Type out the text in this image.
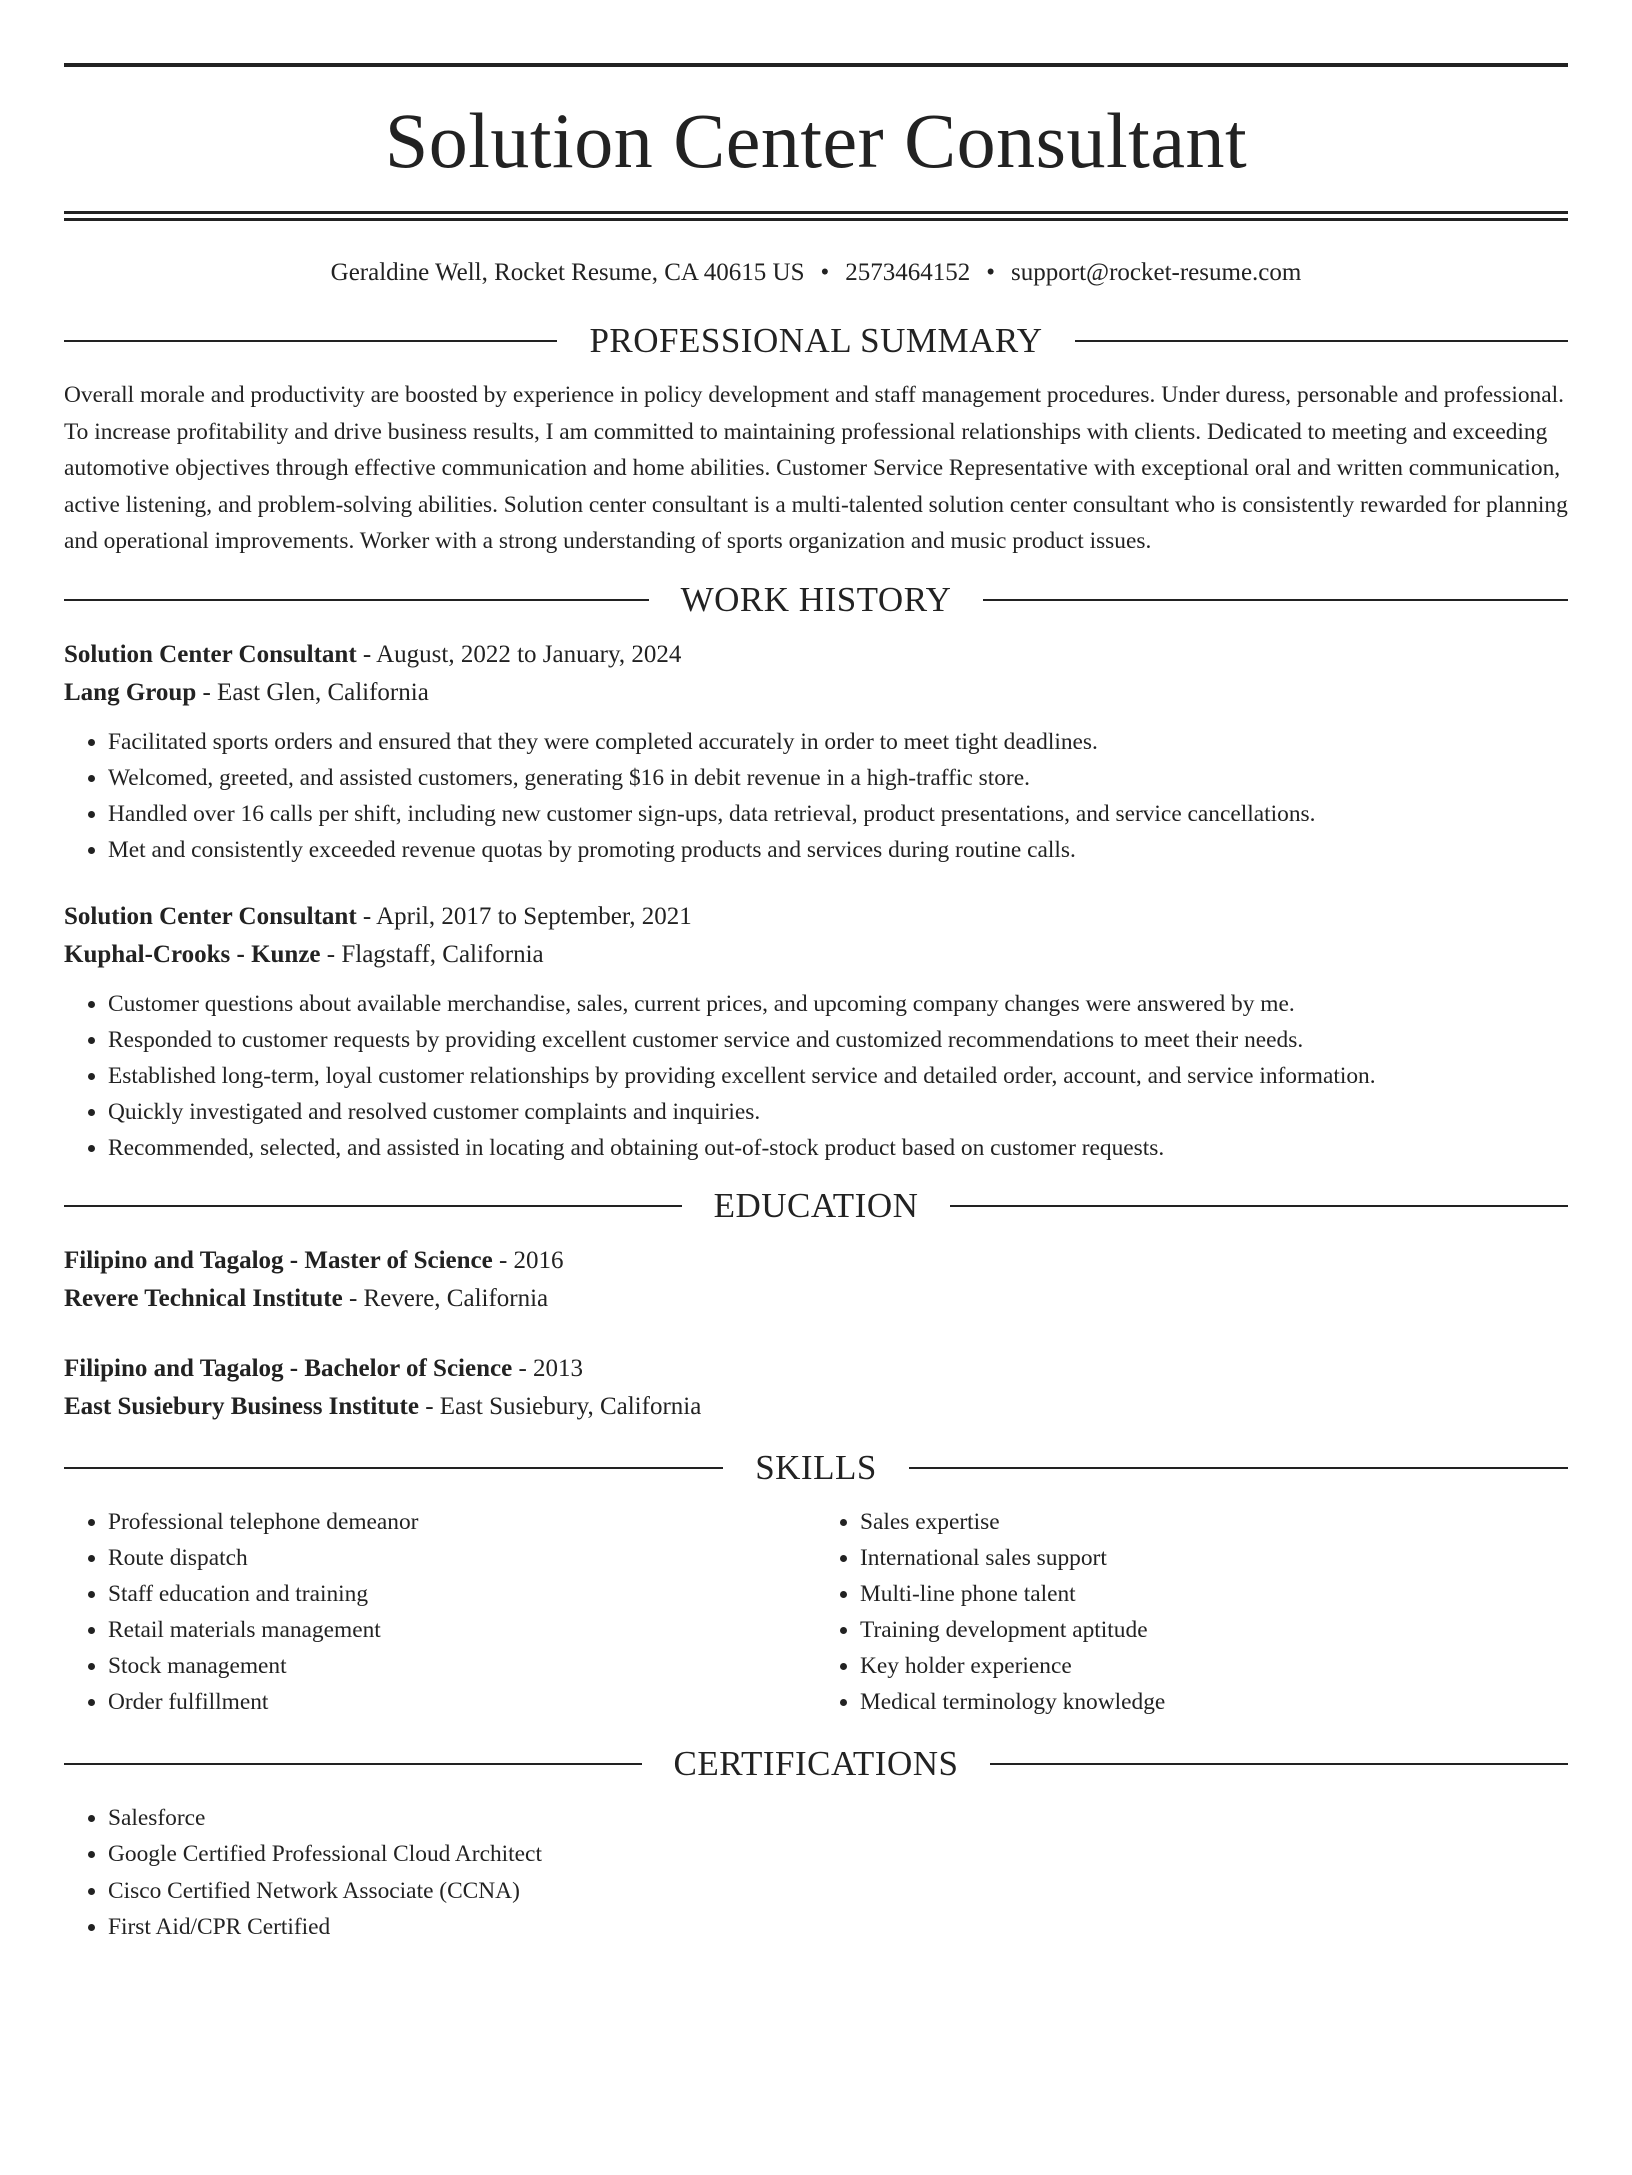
Solution Center Consultant
Geraldine Well, Rocket Resume, CA 40615 US • 2573464152 • support@rocket-resume.com
PROFESSIONAL SUMMARY

Overall morale and productivity are boosted by experience in policy development and staff management procedures. Under duress, personable and professional. To increase profitability and drive business results, I am committed to maintaining professional relationships with clients. Dedicated to meeting and exceeding automotive objectives through effective communication and home abilities. Customer Service Representative with exceptional oral and written communication, active listening, and problem-solving abilities. Solution center consultant is a multi-talented solution center consultant who is consistently rewarded for planning and operational improvements. Worker with a strong understanding of sports organization and music product issues.

WORK HISTORY
Solution Center Consultant - August, 2022 to January, 2024
Lang Group - East Glen, California
• Facilitated sports orders and ensured that they were completed accurately in order to meet tight deadlines.
• Welcomed, greeted, and assisted customers, generating $16 in debit revenue in a high-traffic store.
• Handled over 16 calls per shift, including new customer sign-ups, data retrieval, product presentations, and service cancellations.
• Met and consistently exceeded revenue quotas by promoting products and services during routine calls.
Solution Center Consultant - April, 2017 to September, 2021
Kuphal-Crooks - Kunze - Flagstaff, California
• Customer questions about available merchandise, sales, current prices, and upcoming company changes were answered by me.
• Responded to customer requests by providing excellent customer service and customized recommendations to meet their needs.
• Established long-term, loyal customer relationships by providing excellent service and detailed order, account, and service information.
• Quickly investigated and resolved customer complaints and inquiries.
• Recommended, selected, and assisted in locating and obtaining out-of-stock product based on customer requests.
EDUCATION
Filipino and Tagalog - Master of Science - 2016
Revere Technical Institute - Revere, California
Filipino and Tagalog - Bachelor of Science - 2013
East Susiebury Business Institute - East Susiebury, California
SKILLS
• Professional telephone demeanor
• Route dispatch
• Staff education and training
• Retail materials management
• Stock management
• Order fulfillment
• Sales expertise
• International sales support
• Multi-line phone talent
• Training development aptitude
• Key holder experience
• Medical terminology knowledge
CERTIFICATIONS
• Salesforce
• Google Certified Professional Cloud Architect
• Cisco Certified Network Associate (CCNA)
• First Aid/CPR Certified
